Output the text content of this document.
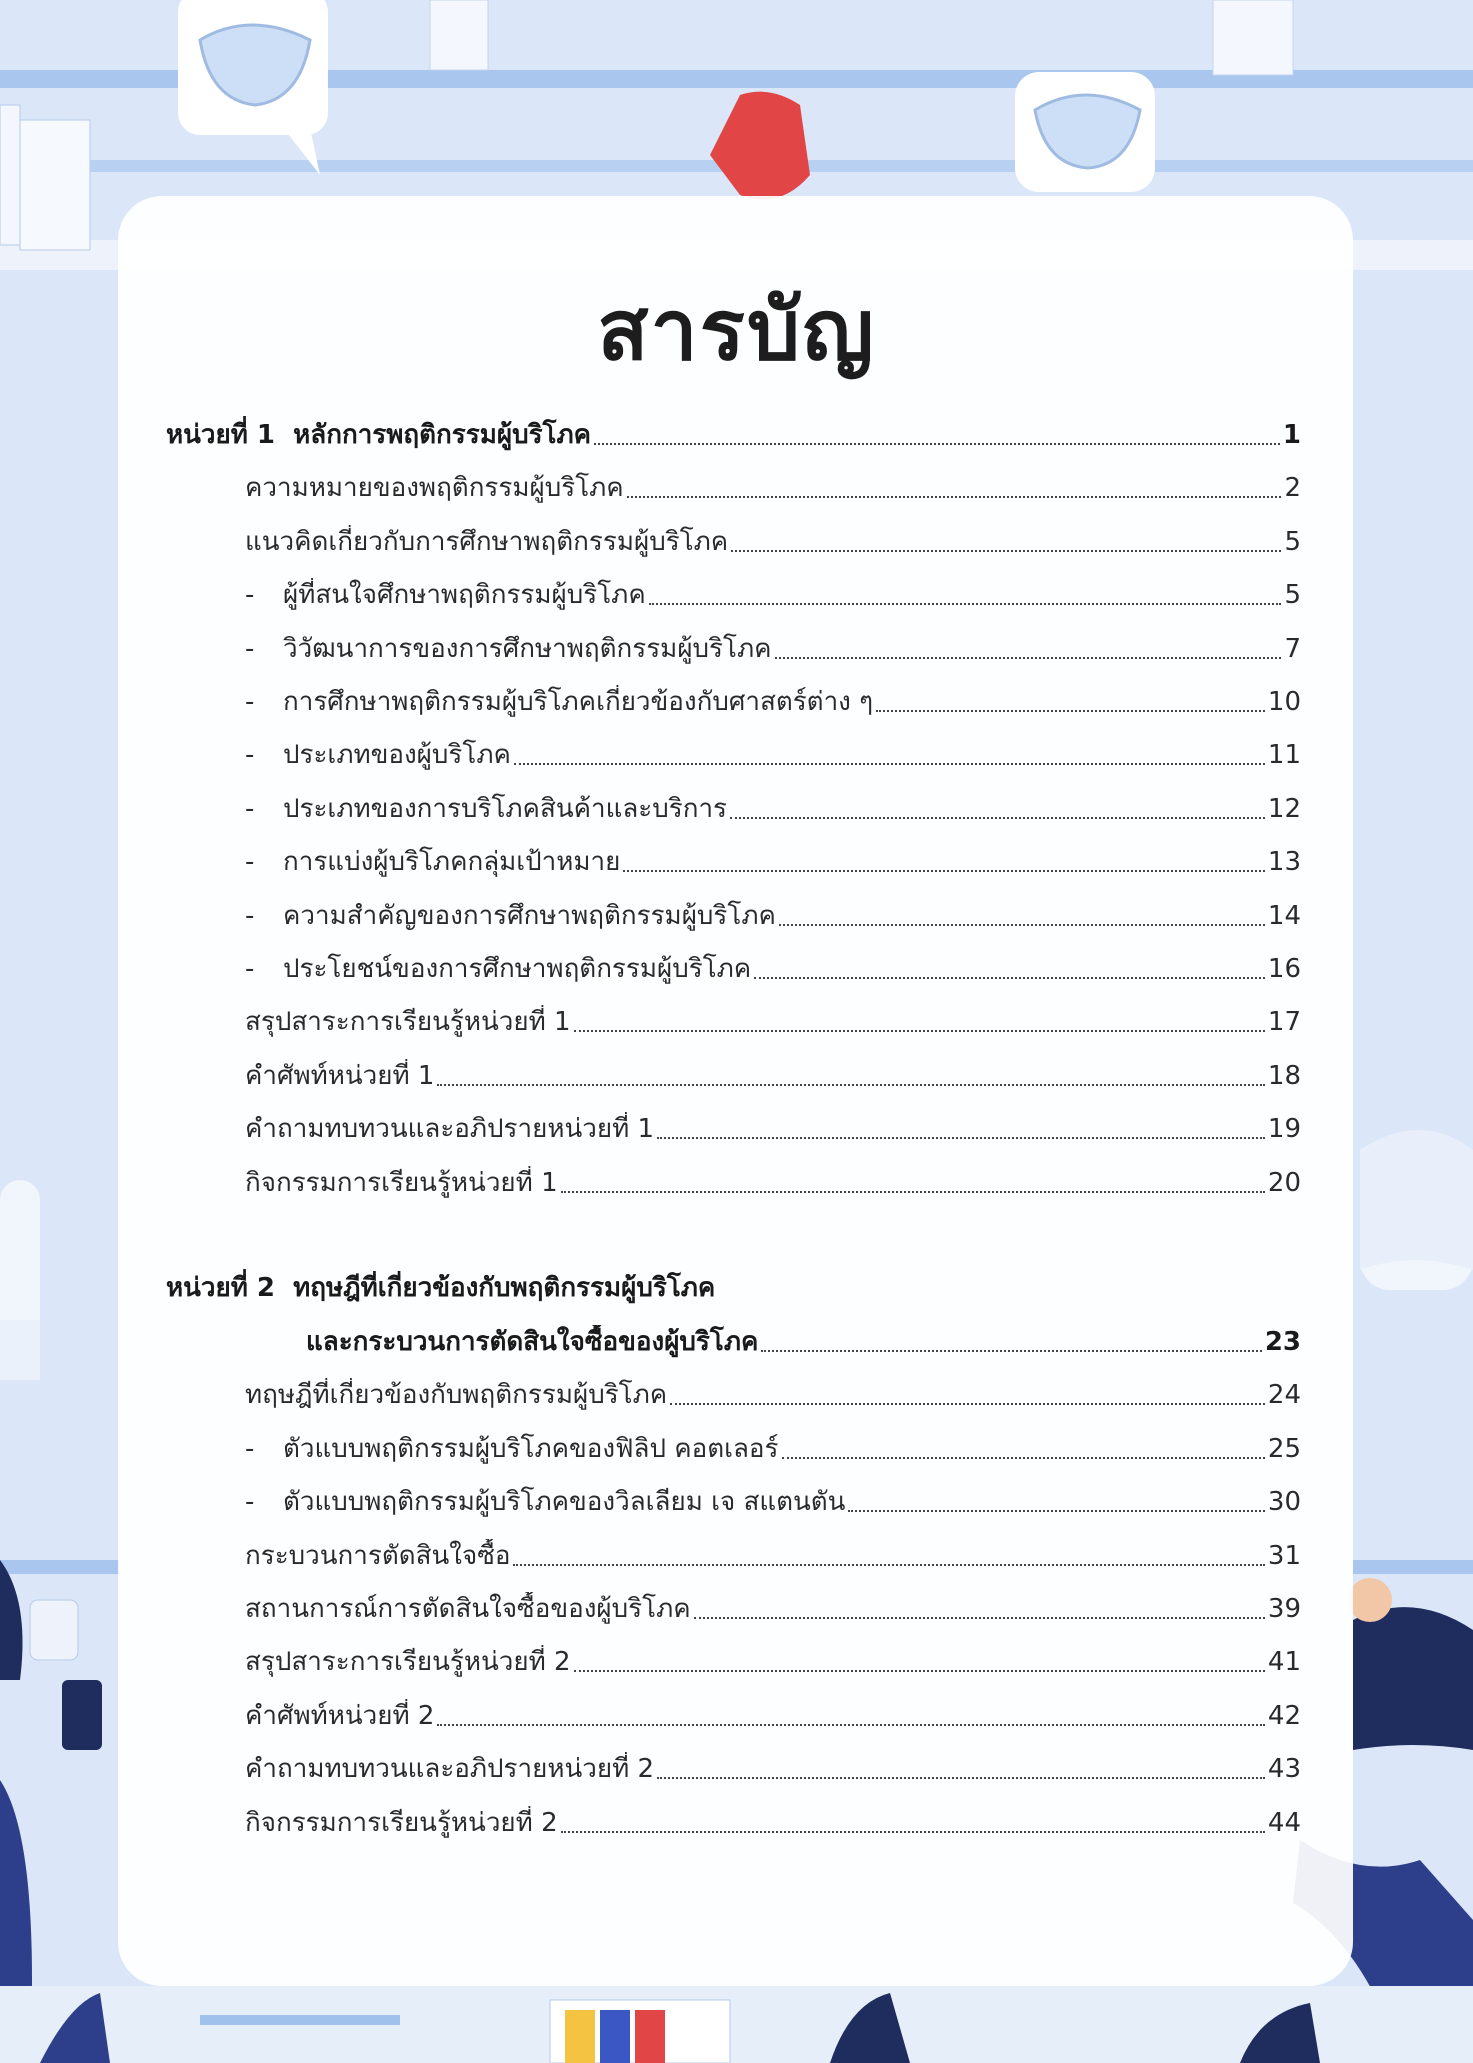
สารบัญ
หน่วยที่ 1
หลักการพฤติกรรมผู้บริโภค	1
ความหมายของพฤติกรรมผู้บริโภค	2
แนวคิดเกี่ยวกับการศึกษาพฤติกรรมผู้บริโภค	5
-	ผู้ที่สนใจศึกษาพฤติกรรมผู้บริโภค	5
-	วิวัฒนาการของการศึกษาพฤติกรรมผู้บริโภค	7
-	การศึกษาพฤติกรรมผู้บริโภคเกี่ยวข้องกับศาสตร์ต่าง ๆ	10
-	ประเภทของผู้บริโภค	11
-	ประเภทของการบริโภคสินค้าและบริการ	12
-	การแบ่งผู้บริโภคกลุ่มเป้าหมาย	13
-	ความสำคัญของการศึกษาพฤติกรรมผู้บริโภค	14
-	ประโยชน์ของการศึกษาพฤติกรรมผู้บริโภค	16
สรุปสาระการเรียนรู้หน่วยที่ 1	17
คำศัพท์หน่วยที่ 1	18
คำถามทบทวนและอภิปรายหน่วยที่ 1	19
กิจกรรมการเรียนรู้หน่วยที่ 1	20
หน่วยที่ 2
ทฤษฎีที่เกี่ยวข้องกับพฤติกรรมผู้บริโภค
และกระบวนการตัดสินใจซื้อของผู้บริโภค	23
ทฤษฎีที่เกี่ยวข้องกับพฤติกรรมผู้บริโภค	24
-	ตัวแบบพฤติกรรมผู้บริโภคของฟิลิป คอตเลอร์	25
-	ตัวแบบพฤติกรรมผู้บริโภคของวิลเลียม เจ สแตนตัน	30
กระบวนการตัดสินใจซื้อ	31
สถานการณ์การตัดสินใจซื้อของผู้บริโภค	39
สรุปสาระการเรียนรู้หน่วยที่ 2	41
คำศัพท์หน่วยที่ 2	42
คำถามทบทวนและอภิปรายหน่วยที่ 2	43
กิจกรรมการเรียนรู้หน่วยที่ 2	44
